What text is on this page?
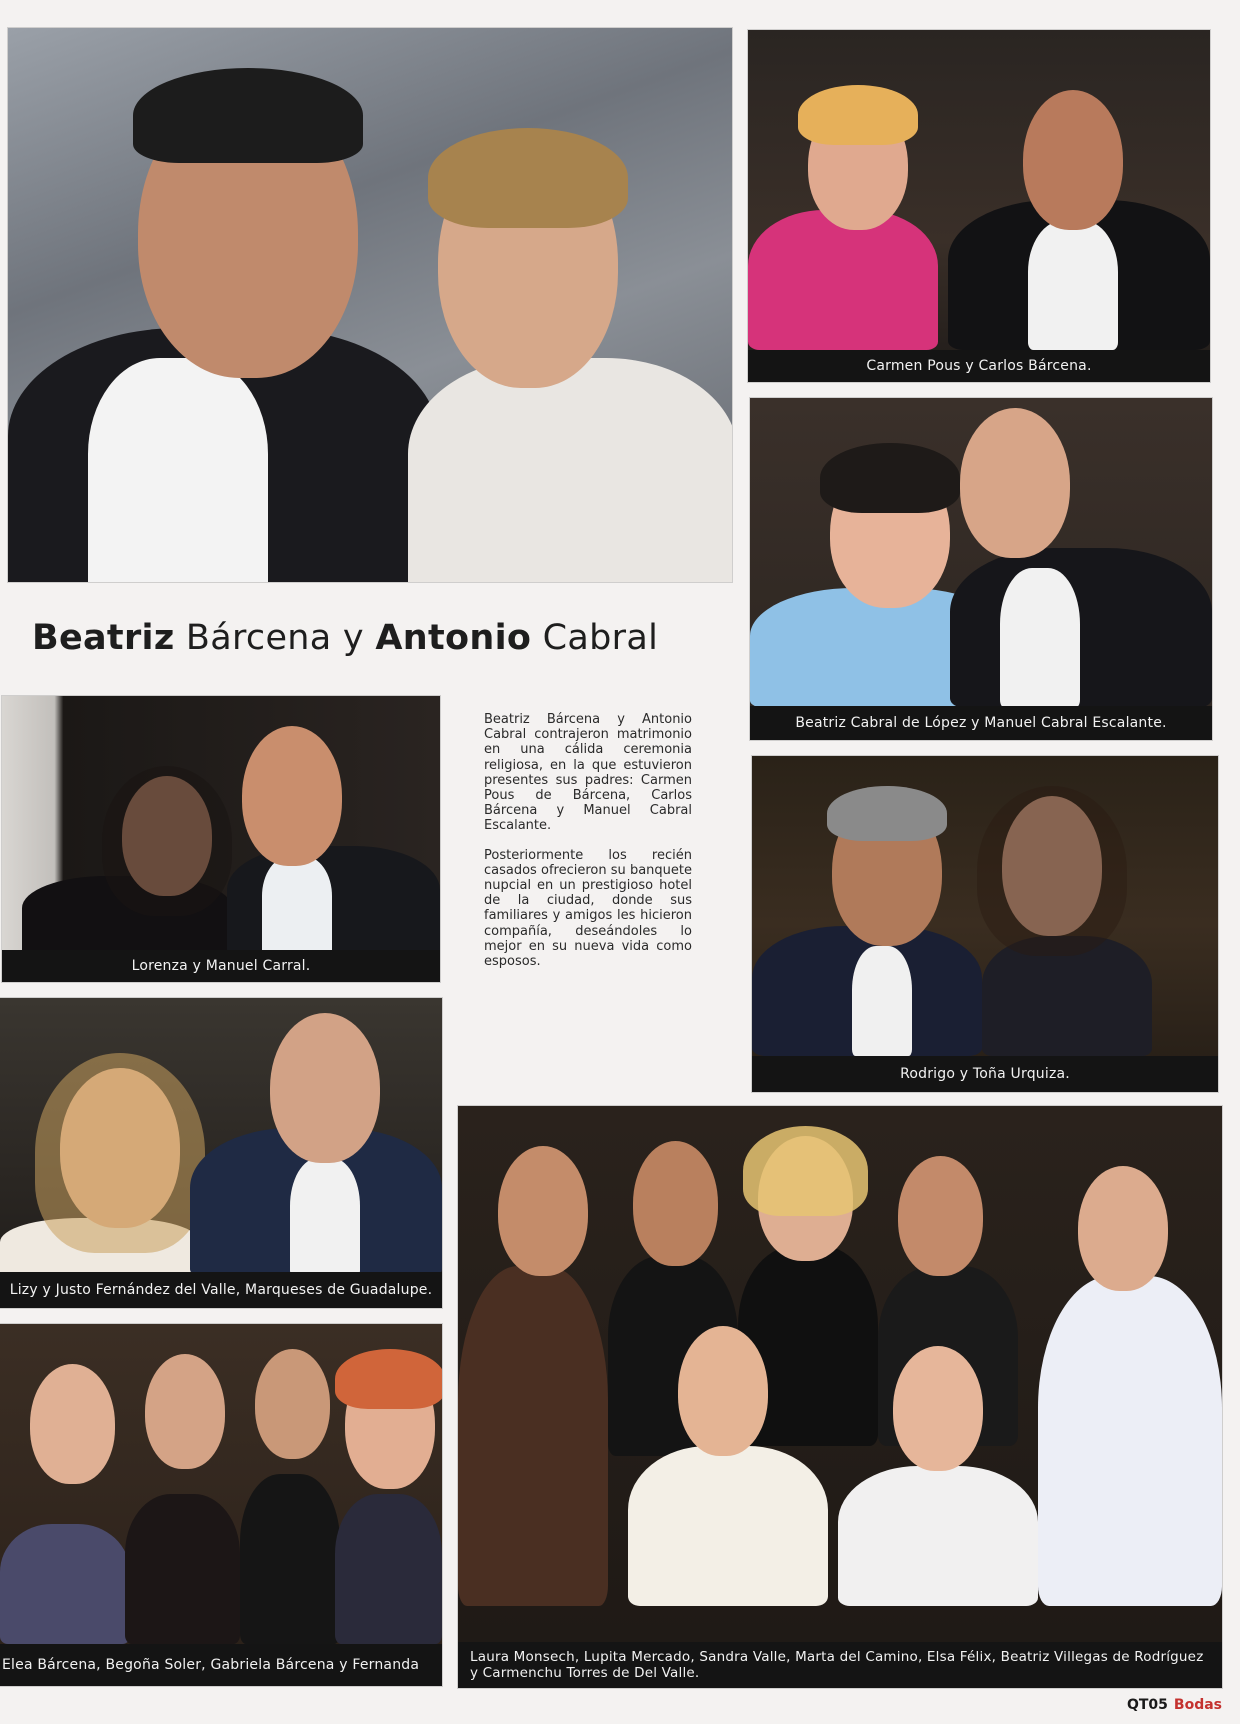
Carmen Pous y Carlos Bárcena.
Beatriz Cabral de López y Manuel Cabral Escalante.
Beatriz Bárcena y Antonio Cabral
Lorenza y Manuel Carral.

Beatriz Bárcena y Antonio Cabral contrajeron matrimonio en una cálida ceremonia religiosa, en la que estuvieron presentes sus padres: Carmen Pous de Bárcena, Carlos Bárcena y Manuel Cabral Escalante.

Posteriormente los recién casados ofrecieron su banquete nupcial en un prestigioso hotel de la ciudad, donde sus familiares y amigos les hicieron compañía, deseándoles lo mejor en su nueva vida como esposos.

Rodrigo y Toña Urquiza.
Lizy y Justo Fernández del Valle, Marqueses de Guadalupe.
Elea Bárcena, Begoña Soler, Gabriela Bárcena y Fernanda	Laura Monsech, Lupita Mercado, Sandra Valle, Marta del Camino, Elsa Félix, Beatriz Villegas de Rodríguez y Carmenchu Torres de Del Valle.
QT05 Bodas
